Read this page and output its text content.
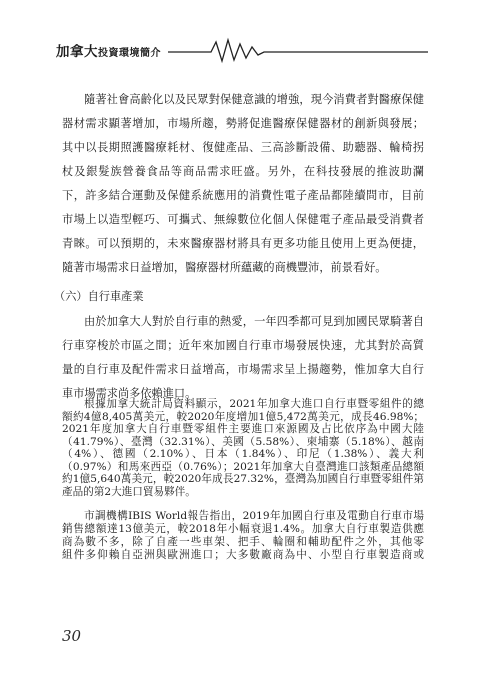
加拿大投資環境簡介
隨著社會高齡化以及民眾對保健意識的增強，現今消費者對醫療保健
器材需求顯著增加，市場所趨，勢將促進醫療保健器材的創新與發展；
其中以長期照護醫療耗材、復健產品、三高診斷設備、助聽器、輪椅拐
杖及銀髮族營養食品等商品需求旺盛。另外，在科技發展的推波助瀾
下，許多結合運動及保健系統應用的消費性電子產品都陸續問市，目前
市場上以造型輕巧、可攜式、無線數位化個人保健電子產品最受消費者
青睞。可以預期的，未來醫療器材將具有更多功能且使用上更為便捷，
隨著市場需求日益增加，醫療器材所蘊藏的商機豐沛，前景看好。
（六）自行車產業
由於加拿大人對於自行車的熱愛，一年四季都可見到加國民眾騎著自
行車穿梭於市區之間；近年來加國自行車市場發展快速，尤其對於高質
量的自行車及配件需求日益增高，市場需求呈上揚趨勢，惟加拿大自行
車市場需求尚多依賴進口。
根據加拿大統計局資料顯示，2021年加拿大進口自行車暨零組件的總
額約4億8,405萬美元，較2020年度增加1億5,472萬美元，成長46.98%；
2021年度加拿大自行車暨零組件主要進口來源國及占比依序為中國大陸
（41.79%）、臺灣（32.31%）、美國（5.58%）、柬埔寨（5.18%）、越南
（4%）、德國（2.10%）、日本（1.84%）、印尼（1.38%）、義大利
（0.97%）和馬來西亞（0.76%）；2021年加拿大自臺灣進口該類產品總額
約1億5,640萬美元，較2020年成長27.32%，臺灣為加國自行車暨零組件第
產品的第2大進口貿易夥伴。
市調機構IBIS World報告指出，2019年加國自行車及電動自行車市場
銷售總額達13億美元，較2018年小幅衰退1.4%。加拿大自行車製造供應
商為數不多，除了自產一些車架、把手、輪圈和輔助配件之外，其他零
組件多仰賴自亞洲與歐洲進口；大多數廠商為中、小型自行車製造商或
30
